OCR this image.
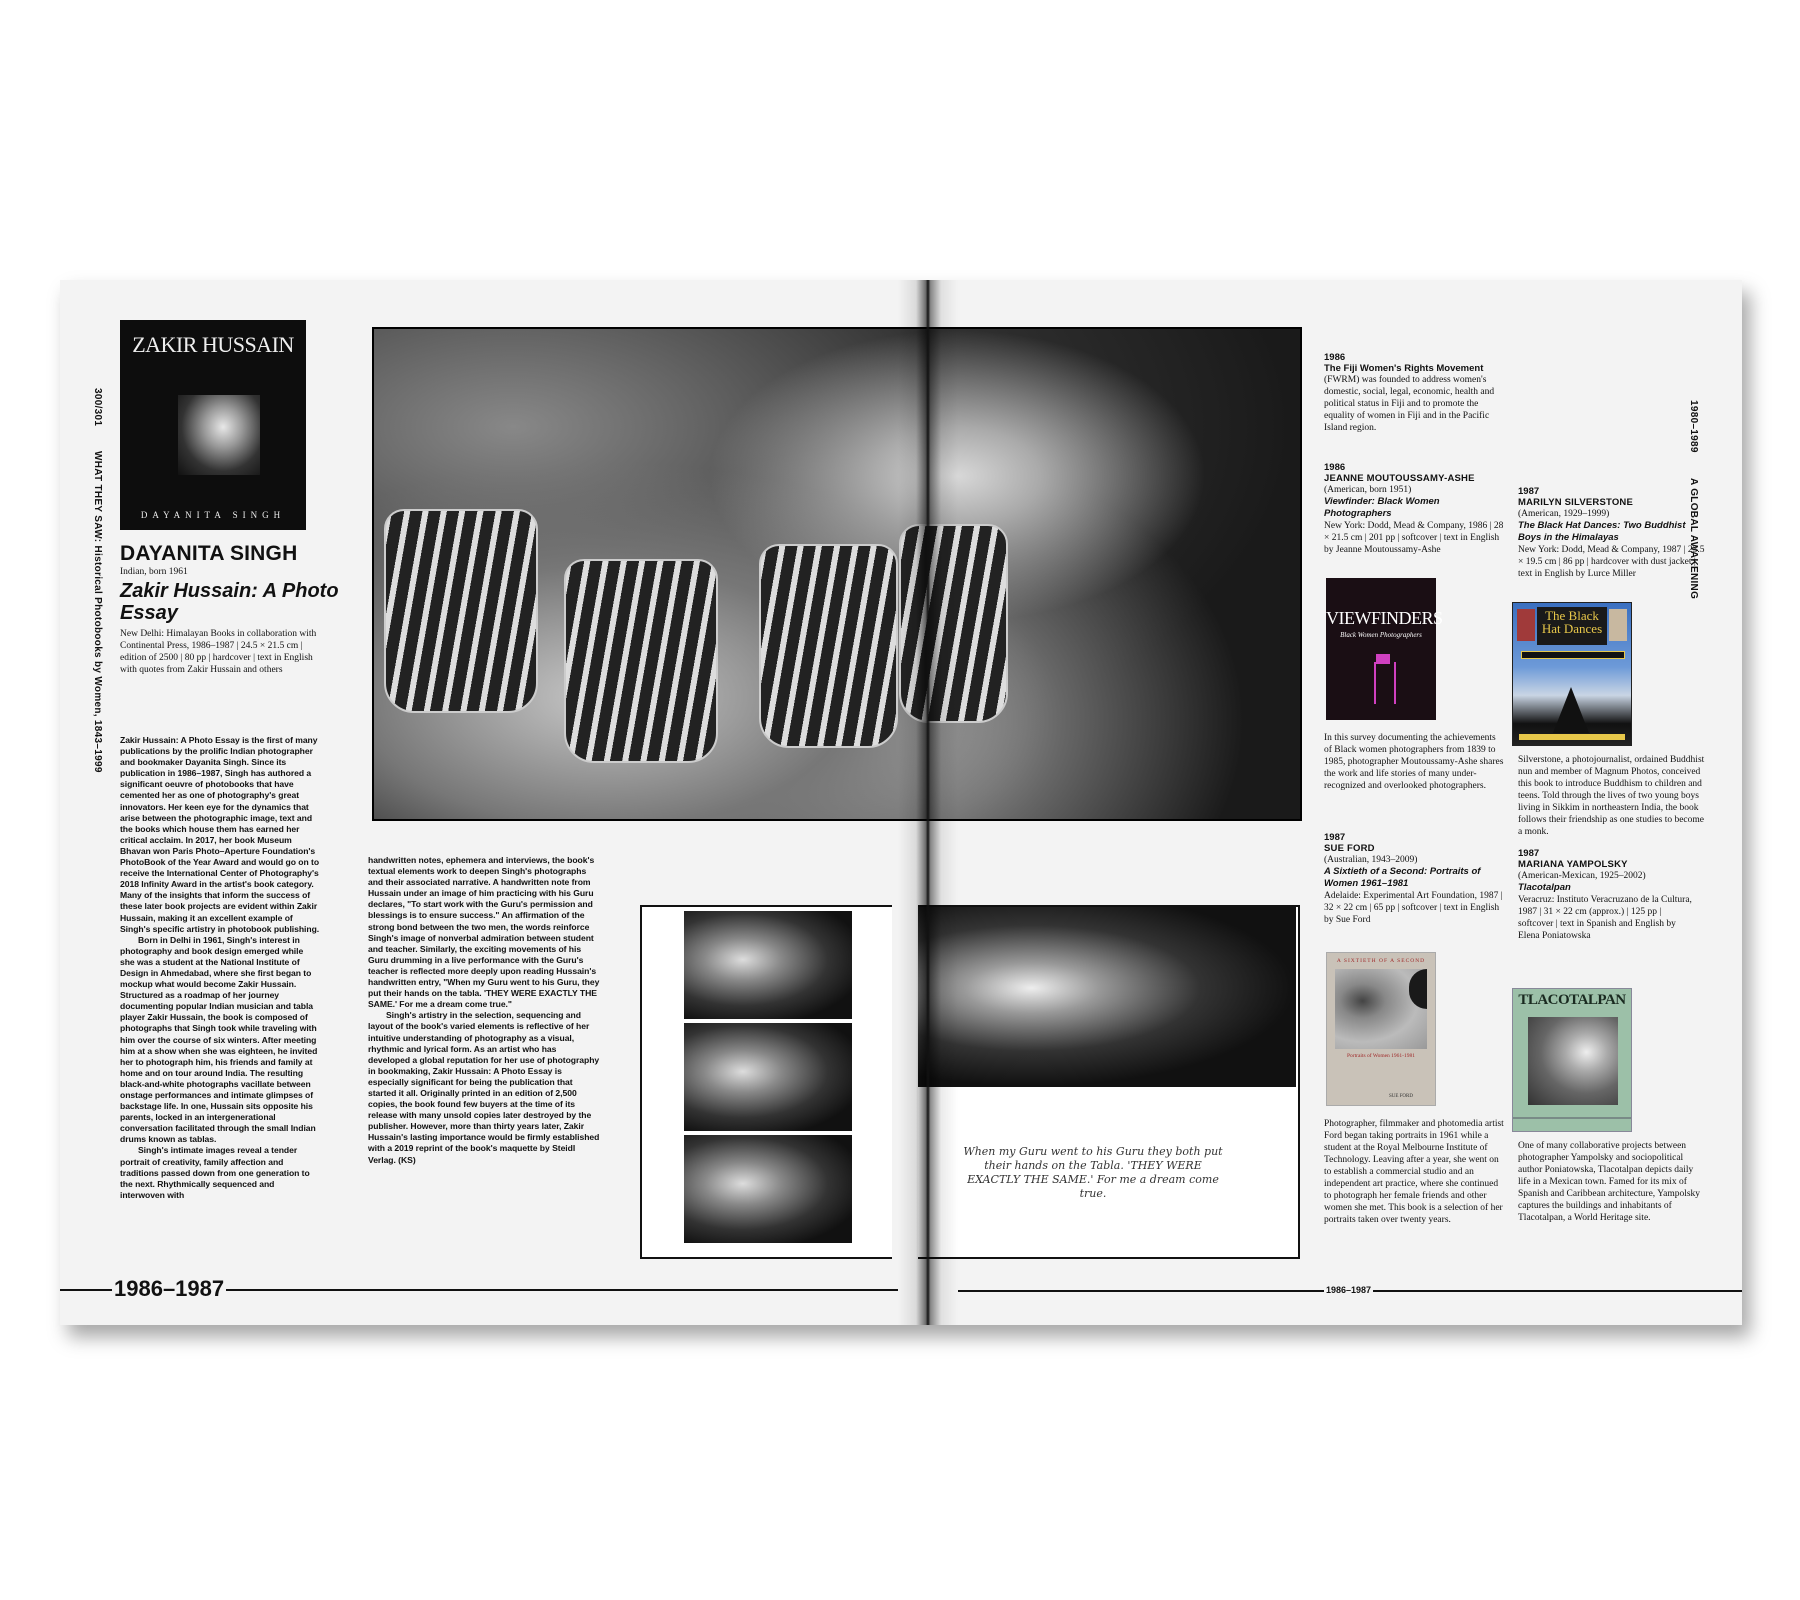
300/301 WHAT THEY SAW: Historical Photobooks by Women, 1843–1999
ZAKIR HUSSAIN
DAYANITA SINGH
DAYANITA SINGH
Indian, born 1961
Zakir Hussain: A Photo Essay
New Delhi: Himalayan Books in collaboration with Continental Press, 1986–1987 | 24.5 × 21.5 cm | edition of 2500 | 80 pp | hardcover | text in English with quotes from Zakir Hussain and others

Zakir Hussain: A Photo Essay is the first of many publications by the prolific Indian photographer and bookmaker Dayanita Singh. Since its publication in 1986–1987, Singh has authored a significant oeuvre of photobooks that have cemented her as one of photography's great innovators. Her keen eye for the dynamics that arise between the photographic image, text and the books which house them has earned her critical acclaim. In 2017, her book Museum Bhavan won Paris Photo–Aperture Foundation's PhotoBook of the Year Award and would go on to receive the International Center of Photography's 2018 Infinity Award in the artist's book category. Many of the insights that inform the success of these later book projects are evident within Zakir Hussain, making it an excellent example of Singh's specific artistry in photobook publishing.

Born in Delhi in 1961, Singh's interest in photography and book design emerged while she was a student at the National Institute of Design in Ahmedabad, where she first began to mockup what would become Zakir Hussain. Structured as a roadmap of her journey documenting popular Indian musician and tabla player Zakir Hussain, the book is composed of photographs that Singh took while traveling with him over the course of six winters. After meeting him at a show when she was eighteen, he invited her to photograph him, his friends and family at home and on tour around India. The resulting black-and-white photographs vacillate between onstage performances and intimate glimpses of backstage life. In one, Hussain sits opposite his parents, locked in an intergenerational conversation facilitated through the small Indian drums known as tablas.

Singh's intimate images reveal a tender portrait of creativity, family affection and traditions passed down from one generation to the next. Rhythmically sequenced and interwoven with

handwritten notes, ephemera and interviews, the book's textual elements work to deepen Singh's photographs and their associated narrative. A handwritten note from Hussain under an image of him practicing with his Guru declares, "To start work with the Guru's permission and blessings is to ensure success." An affirmation of the strong bond between the two men, the words reinforce Singh's image of nonverbal admiration between student and teacher. Similarly, the exciting movements of his Guru drumming in a live performance with the Guru's teacher is reflected more deeply upon reading Hussain's handwritten entry, "When my Guru went to his Guru, they put their hands on the tabla. 'THEY WERE EXACTLY THE SAME.' For me a dream come true."

Singh's artistry in the selection, sequencing and layout of the book's varied elements is reflective of her intuitive understanding of photography as a visual, rhythmic and lyrical form. As an artist who has developed a global reputation for her use of photography in bookmaking, Zakir Hussain: A Photo Essay is especially significant for being the publication that started it all. Originally printed in an edition of 2,500 copies, the book found few buyers at the time of its release with many unsold copies later destroyed by the publisher. However, more than thirty years later, Zakir Hussain's lasting importance would be firmly established with a 2019 reprint of the book's maquette by Steidl Verlag. (KS)

When my Guru went to his Guru they both put their hands on the Tabla. 'THEY WERE EXACTLY THE SAME.' For me a dream come true.
1980–1989 A GLOBAL AWAKENING
1986
The Fiji Women's Rights Movement
(FWRM) was founded to address women's domestic, social, legal, economic, health and political status in Fiji and to promote the equality of women in Fiji and in the Pacific Island region.
1986
JEANNE MOUTOUSSAMY-ASHE
(American, born 1951)
Viewfinder: Black Women Photographers
New York: Dodd, Mead & Company, 1986 | 28 × 21.5 cm | 201 pp | softcover | text in English by Jeanne Moutoussamy-Ashe
VIEWFINDERS
Black Women Photographers
In this survey documenting the achievements of Black women photographers from 1839 to 1985, photographer Moutoussamy-Ashe shares the work and life stories of many under-recognized and overlooked photographers.
1987
MARILYN SILVERSTONE
(American, 1929–1999)
The Black Hat Dances: Two Buddhist Boys in the Himalayas
New York: Dodd, Mead & Company, 1987 | 23.5 × 19.5 cm | 86 pp | hardcover with dust jacket | text in English by Lurce Miller
The Black Hat Dances
Silverstone, a photojournalist, ordained Buddhist nun and member of Magnum Photos, conceived this book to introduce Buddhism to children and teens. Told through the lives of two young boys living in Sikkim in northeastern India, the book follows their friendship as one studies to become a monk.
1987
SUE FORD
(Australian, 1943–2009)
A Sixtieth of a Second: Portraits of Women 1961–1981
Adelaide: Experimental Art Foundation, 1987 | 32 × 22 cm | 65 pp | softcover | text in English by Sue Ford
A SIXTIETH OF A SECOND
Portraits of Women 1961-1981
SUE FORD
Photographer, filmmaker and photomedia artist Ford began taking portraits in 1961 while a student at the Royal Melbourne Institute of Technology. Leaving after a year, she went on to establish a commercial studio and an independent art practice, where she continued to photograph her female friends and other women she met. This book is a selection of her portraits taken over twenty years.
1987
MARIANA YAMPOLSKY
(American-Mexican, 1925–2002)
Tlacotalpan
Veracruz: Instituto Veracruzano de la Cultura, 1987 | 31 × 22 cm (approx.) | 125 pp | softcover | text in Spanish and English by Elena Poniatowska
TLACOTALPAN
One of many collaborative projects between photographer Yampolsky and sociopolitical author Poniatowska, Tlacotalpan depicts daily life in a Mexican town. Famed for its mix of Spanish and Caribbean architecture, Yampolsky captures the buildings and inhabitants of Tlacotalpan, a World Heritage site.
1986–1987	1986–1987
